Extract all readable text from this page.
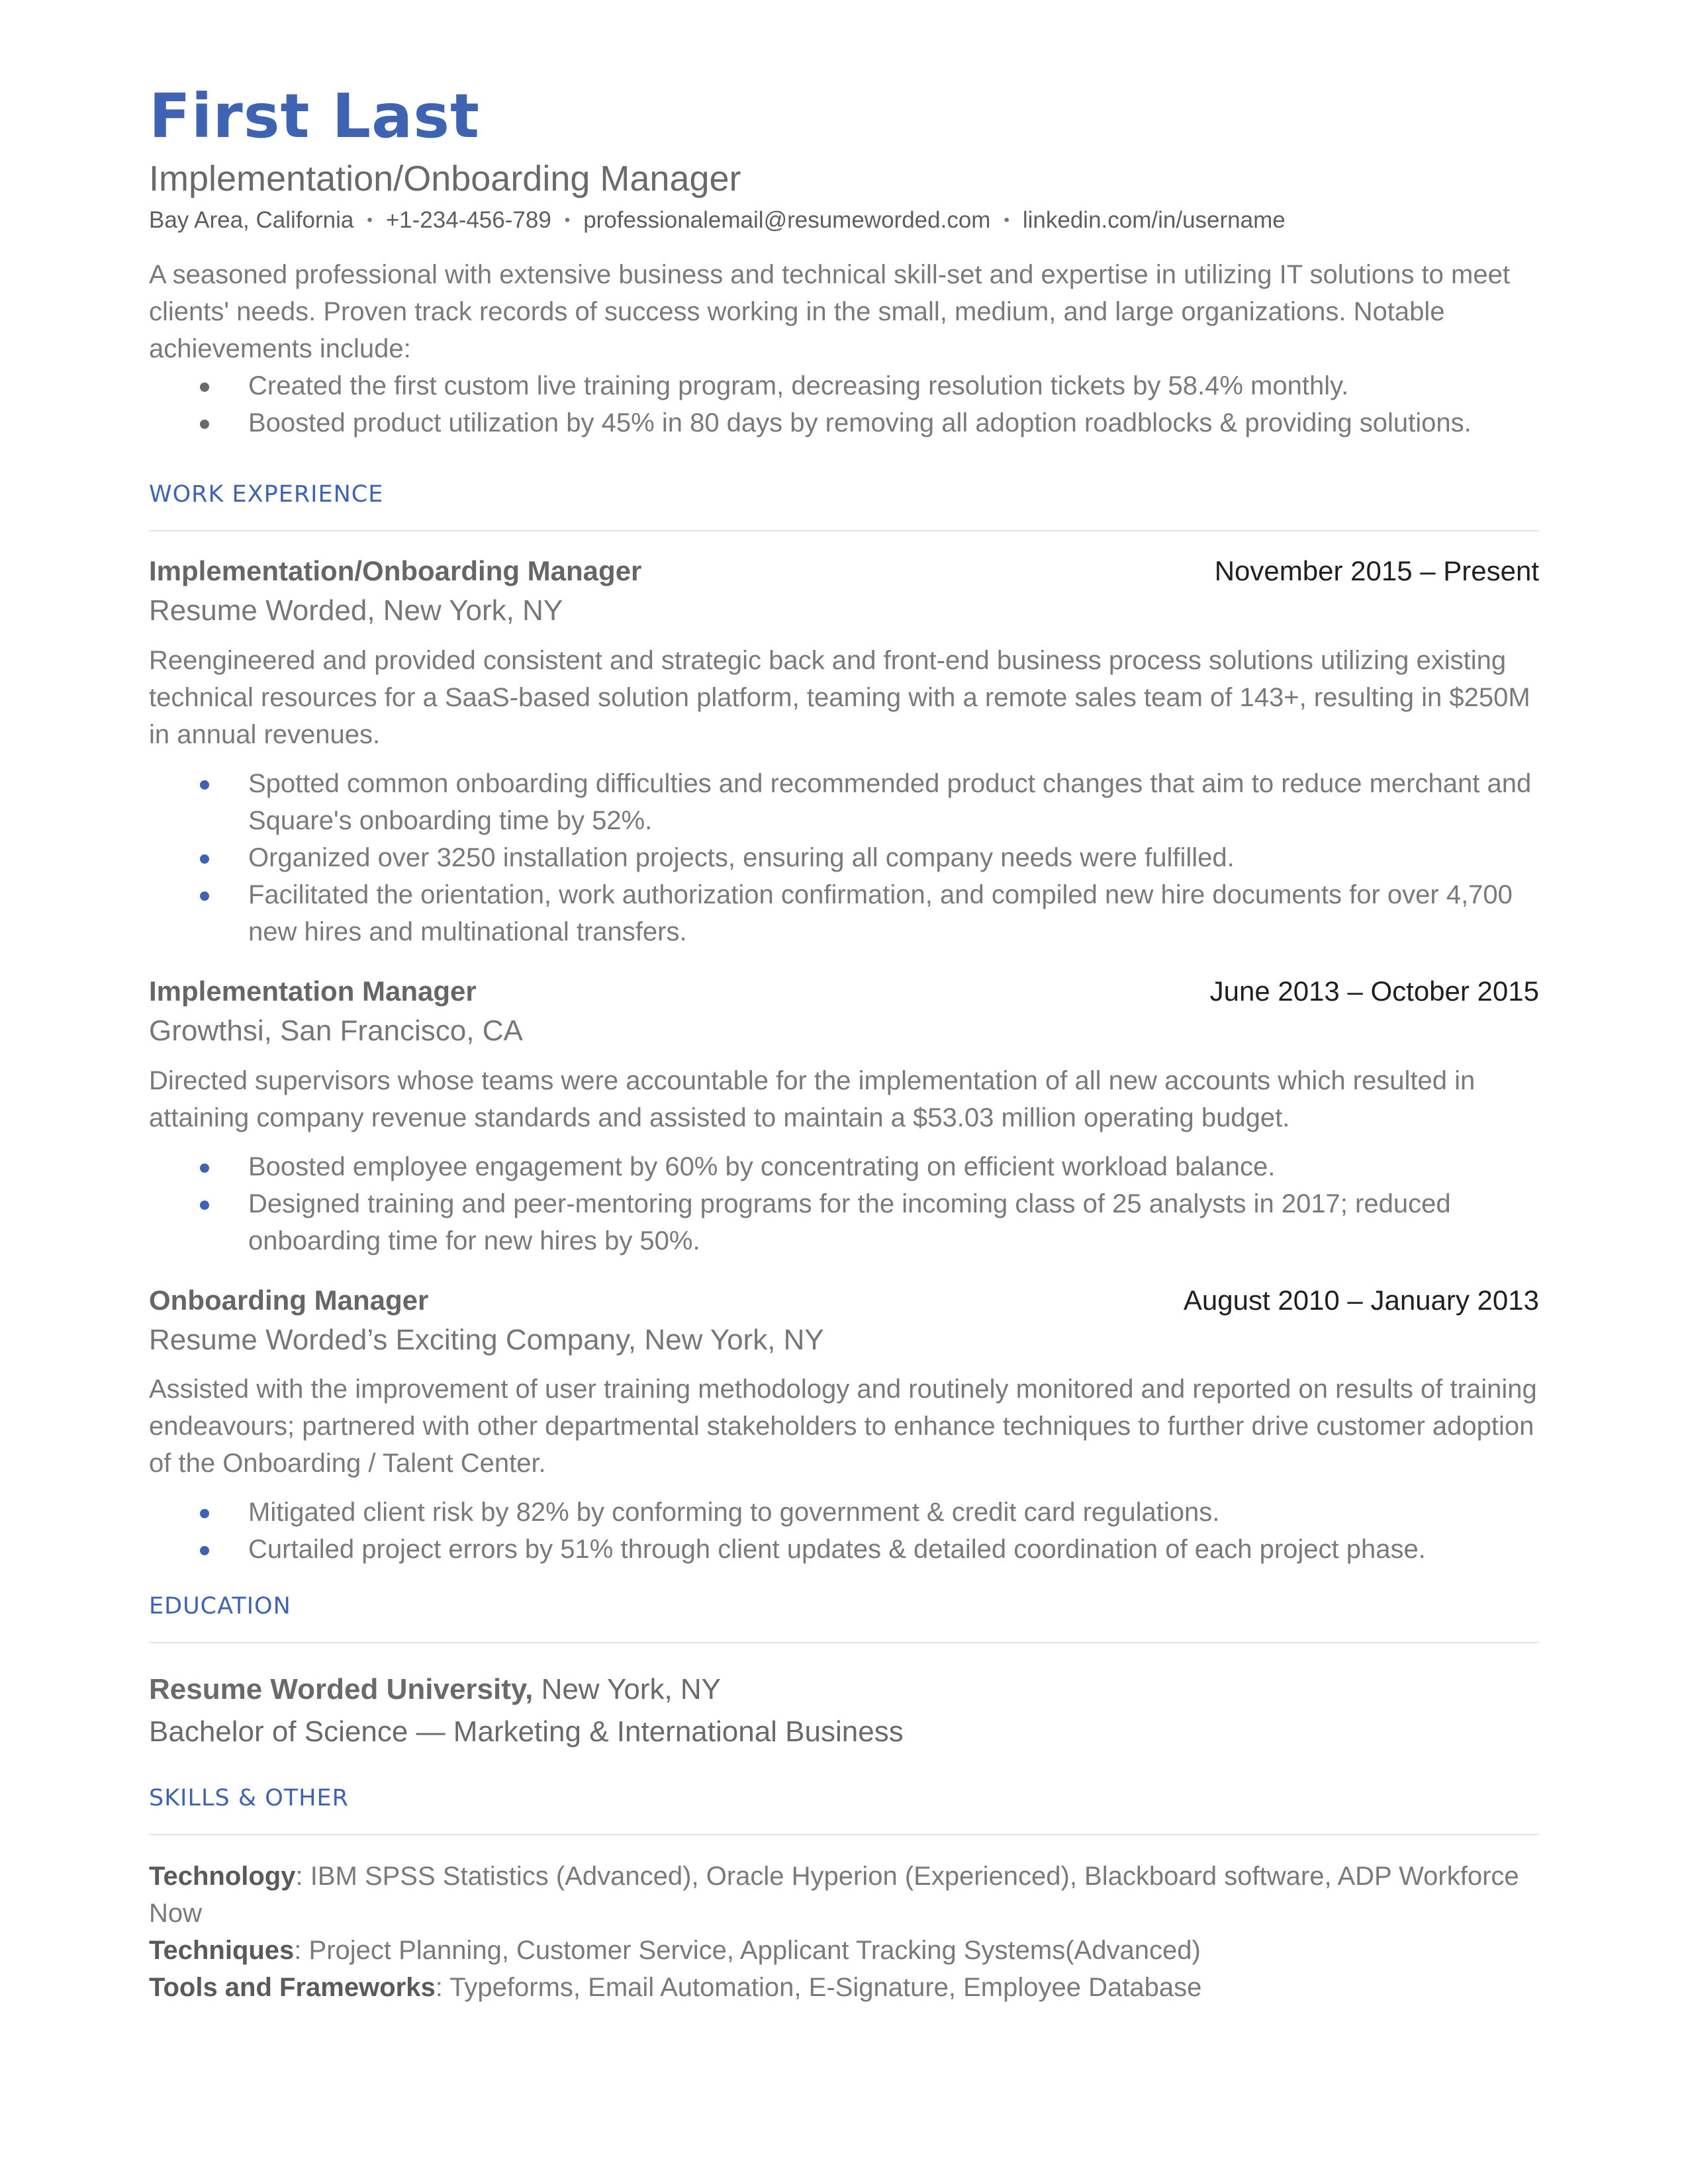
First Last
Implementation/Onboarding Manager
Bay Area, California • +1-234-456-789 • professionalemail@resumeworded.com • linkedin.com/in/username

A seasoned professional with extensive business and technical skill-set and expertise in utilizing IT solutions to meet clients' needs. Proven track records of success working in the small, medium, and large organizations. Notable achievements include:

Created the first custom live training program, decreasing resolution tickets by 58.4% monthly.
Boosted product utilization by 45% in 80 days by removing all adoption roadblocks & providing solutions.
WORK EXPERIENCE
Implementation/Onboarding Manager	November 2015 – Present
Resume Worded, New York, NY

Reengineered and provided consistent and strategic back and front-end business process solutions utilizing existing technical resources for a SaaS-based solution platform, teaming with a remote sales team of 143+, resulting in $250M in annual revenues.

Spotted common onboarding difficulties and recommended product changes that aim to reduce merchant and Square's onboarding time by 52%.
Organized over 3250 installation projects, ensuring all company needs were fulfilled.
Facilitated the orientation, work authorization confirmation, and compiled new hire documents for over 4,700 new hires and multinational transfers.
Implementation Manager	June 2013 – October 2015
Growthsi, San Francisco, CA

Directed supervisors whose teams were accountable for the implementation of all new accounts which resulted in attaining company revenue standards and assisted to maintain a $53.03 million operating budget.

Boosted employee engagement by 60% by concentrating on efficient workload balance.
Designed training and peer-mentoring programs for the incoming class of 25 analysts in 2017; reduced onboarding time for new hires by 50%.
Onboarding Manager	August 2010 – January 2013
Resume Worded’s Exciting Company, New York, NY

Assisted with the improvement of user training methodology and routinely monitored and reported on results of training endeavours; partnered with other departmental stakeholders to enhance techniques to further drive customer adoption of the Onboarding / Talent Center.

Mitigated client risk by 82% by conforming to government & credit card regulations.
Curtailed project errors by 51% through client updates & detailed coordination of each project phase.
EDUCATION
Resume Worded University, New York, NY
Bachelor of Science — Marketing & International Business
SKILLS & OTHER
Technology: IBM SPSS Statistics (Advanced), Oracle Hyperion (Experienced), Blackboard software, ADP Workforce Now
Techniques: Project Planning, Customer Service, Applicant Tracking Systems(Advanced)
Tools and Frameworks: Typeforms, Email Automation, E-Signature, Employee Database
